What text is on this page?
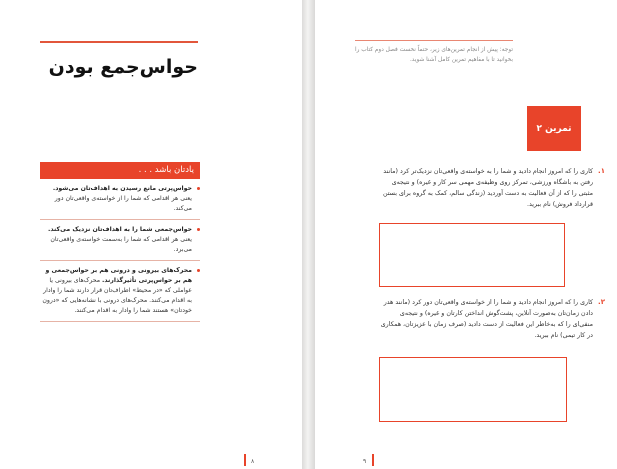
حواس‌جمع بودن
یادتان باشد . . .
حواس‌پرتی مانع رسیدن به اهداف‌تان می‌شود. یعنی هر اقدامی که شما را از خواسته‌ی واقعی‌تان دور می‌کند.
حواس‌جمعی شما را به اهداف‌تان نزدیک می‌کند. یعنی هر اقدامی که شما را به‌سمت خواسته‌ی واقعی‌تان می‌برد.
محرک‌های بیرونی و درونی هم بر حواس‌جمعی و هم بر حواس‌پرتی تأثیرگذارند. محرک‌های بیرونی یا عواملی که «در محیط» اطراف‌تان قرار دارند شما را وادار به اقدام می‌کنند. محرک‌های درونی با نشانه‌هایی که «درون خودتان» هستند شما را وادار به اقدام می‌کنند.
۸
توجه: پیش از انجام تمرین‌های زیر، حتماً نخست فصل دوم کتاب را بخوانید تا با مفاهیم تمرین کامل آشنا شوید.
تمرین ۲
۱.

کاری را که امروز انجام دادید و شما را به خواسته‌ی واقعی‌تان نزدیک‌تر کرد (مانند رفتن به باشگاه ورزشی، تمرکز روی وظیفه‌ی مهمی سر کار و غیره) و نتیجه‌ی مثبتی را که از آن فعالیت به دست آوردید (زندگی سالم، کمک به گروه برای بستن قرارداد فروش) نام ببرید.

۲.

کاری را که امروز انجام دادید و شما را از خواسته‌ی واقعی‌تان دور کرد (مانند هدر دادن زمان‌تان به‌صورت آنلاین، پشت‌گوش انداختن کارتان و غیره) و نتیجه‌ی منفی‌ای را که به‌خاطر این فعالیت از دست دادید (صرف زمان با عزیزتان، همکاری در کار تیمی) نام ببرید.

۹
